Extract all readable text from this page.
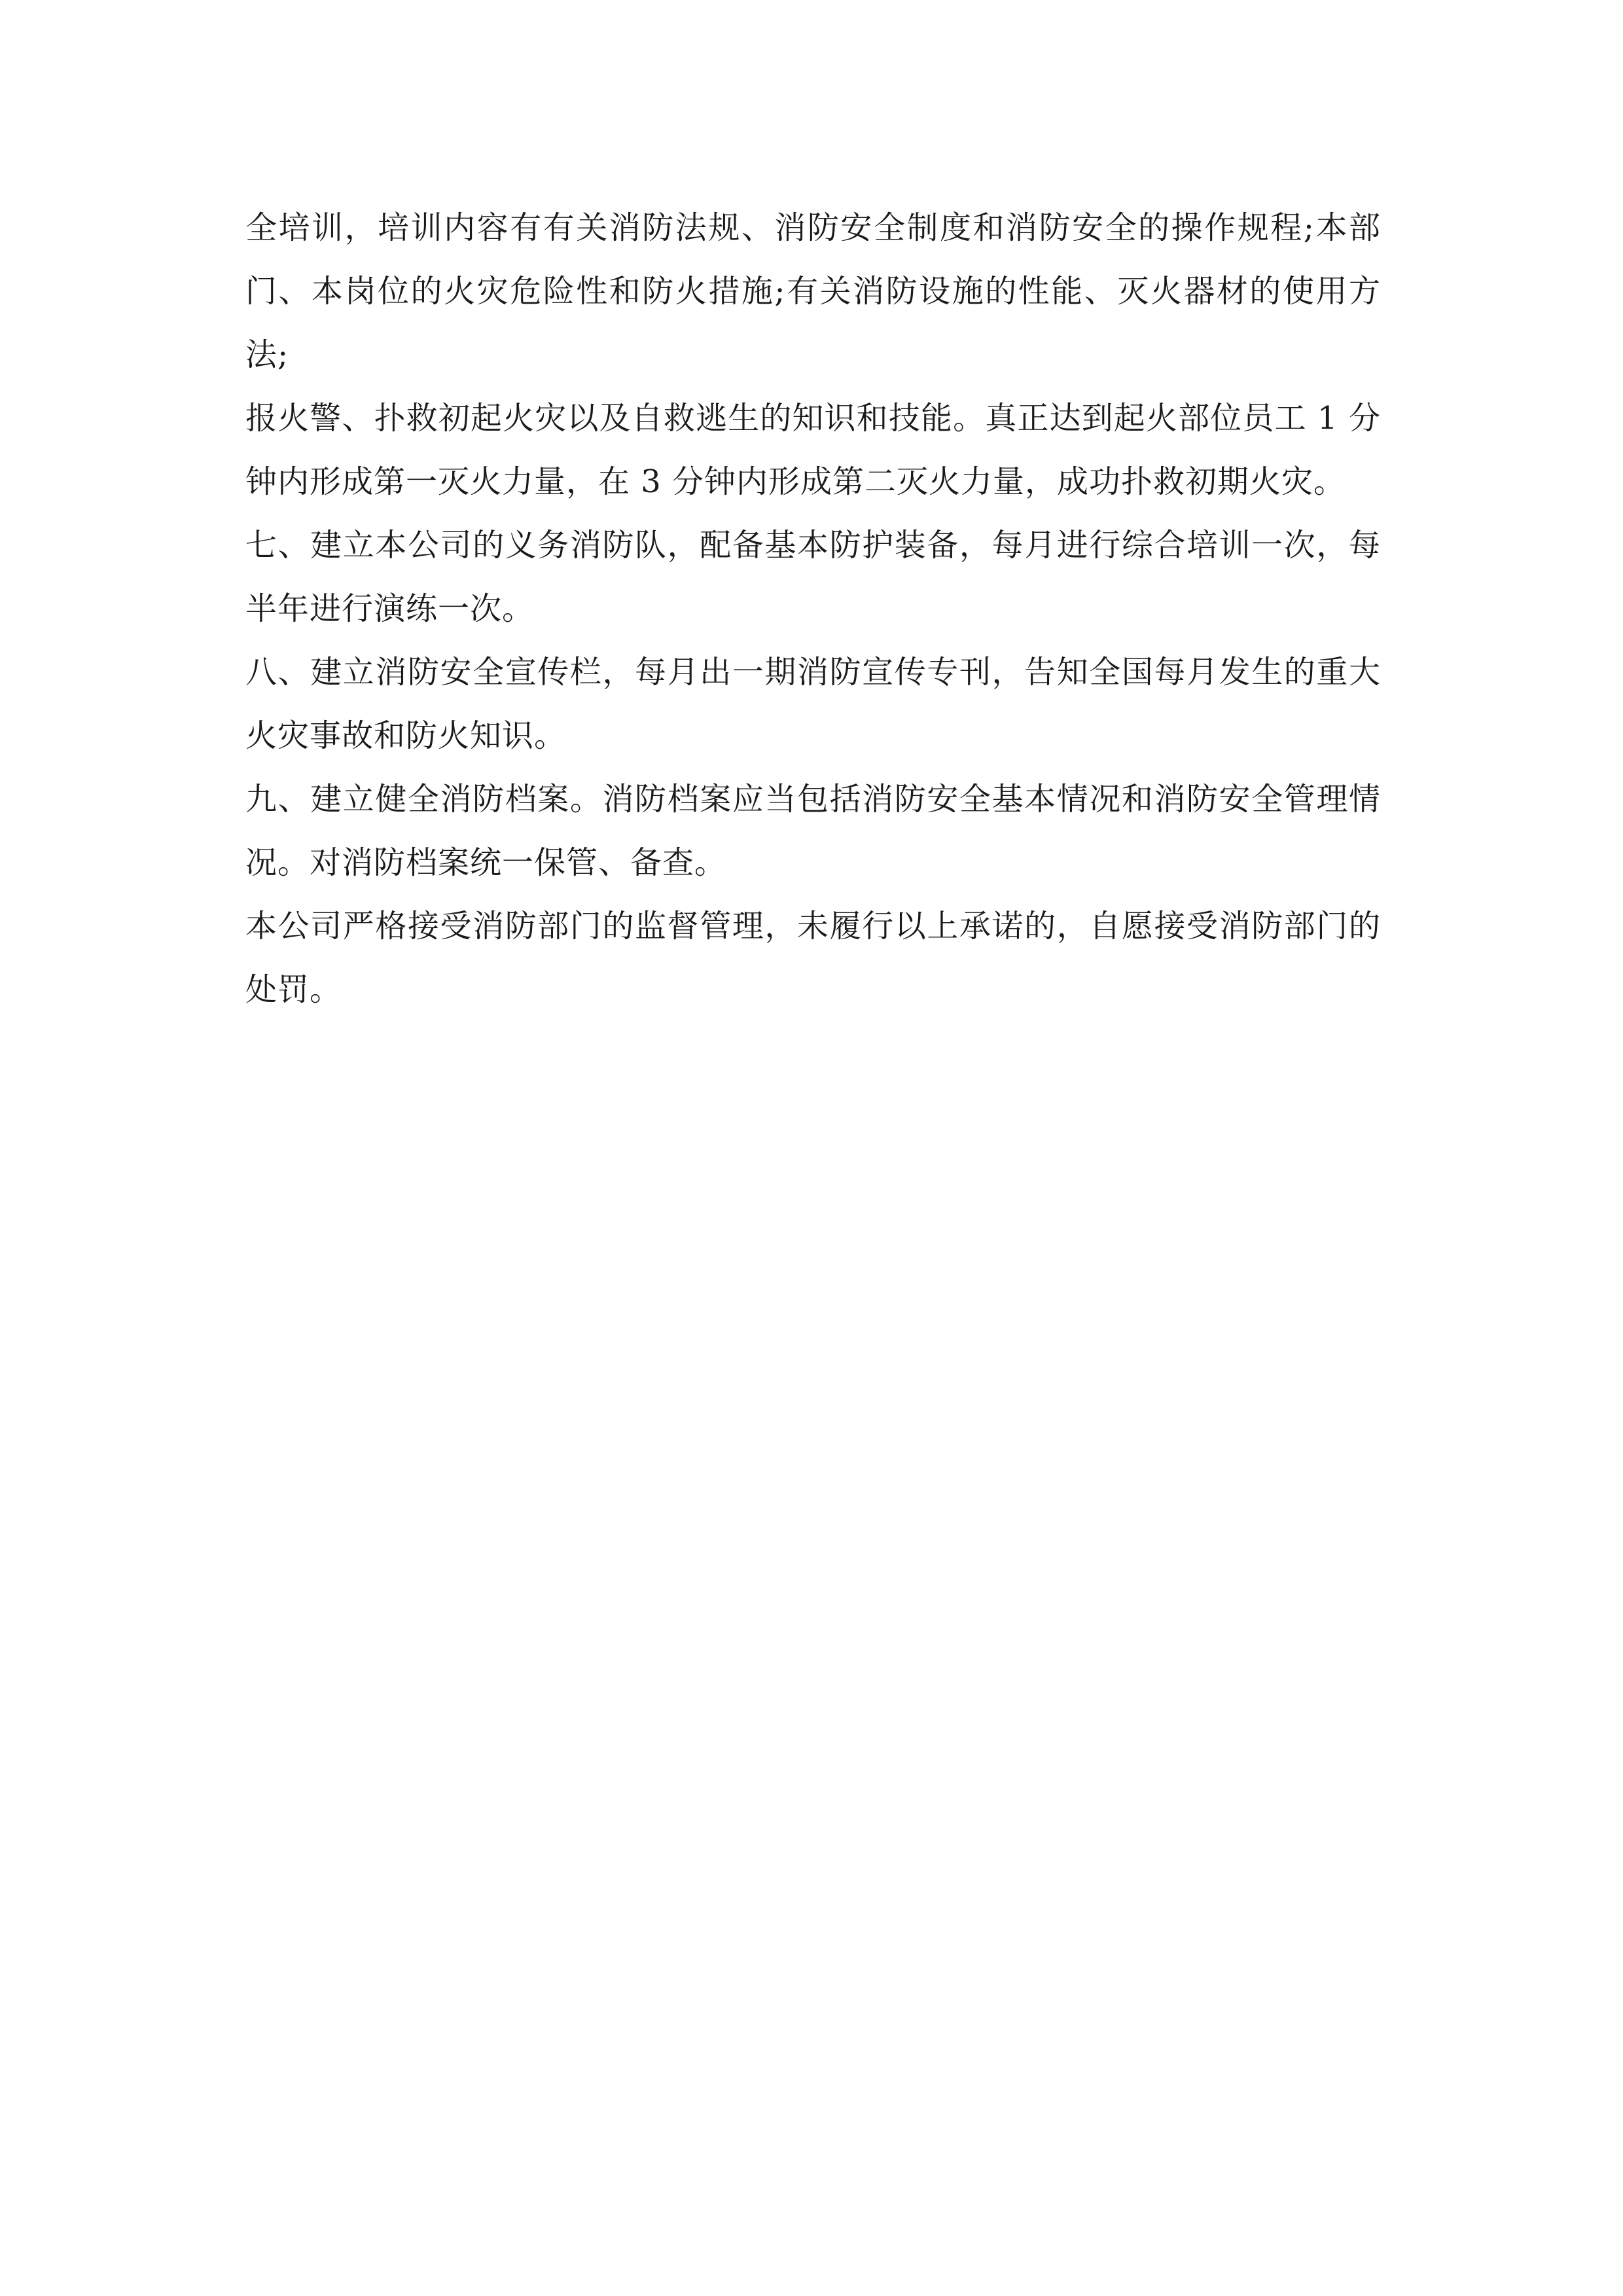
全培训，培训内容有有关消防法规、消防安全制度和消防安全的操作规程;本部门、本岗位的火灾危险性和防火措施;有关消防设施的性能、灭火器材的使用方法;

报火警、扑救初起火灾以及自救逃生的知识和技能。真正达到起火部位员工 1 分钟内形成第一灭火力量，在 3 分钟内形成第二灭火力量，成功扑救初期火灾。

七、建立本公司的义务消防队，配备基本防护装备，每月进行综合培训一次，每半年进行演练一次。

八、建立消防安全宣传栏，每月出一期消防宣传专刊，告知全国每月发生的重大火灾事故和防火知识。

九、建立健全消防档案。消防档案应当包括消防安全基本情况和消防安全管理情况。对消防档案统一保管、备查。

本公司严格接受消防部门的监督管理，未履行以上承诺的，自愿接受消防部门的处罚。
